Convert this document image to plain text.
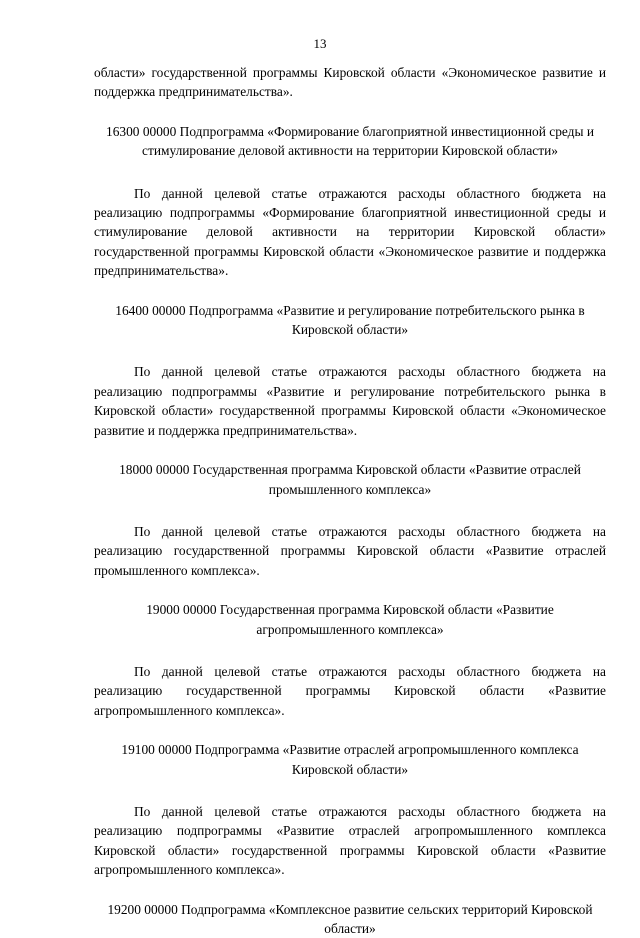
13

области» государственной программы Кировской области «Экономическое развитие и поддержка предпринимательства».

16300 00000 Подпрограмма «Формирование благоприятной инвестиционной среды и стимулирование деловой активности на территории Кировской области»

По данной целевой статье отражаются расходы областного бюджета на реализацию подпрограммы «Формирование благоприятной инвестиционной среды и стимулирование деловой активности на территории Кировской области» государственной программы Кировской области «Экономическое развитие и поддержка предпринимательства».

16400 00000 Подпрограмма «Развитие и регулирование потребительского рынка в Кировской области»

По данной целевой статье отражаются расходы областного бюджета на реализацию подпрограммы «Развитие и регулирование потребительского рынка в Кировской области» государственной программы Кировской области «Экономическое развитие и поддержка предпринимательства».

18000 00000 Государственная программа Кировской области «Развитие отраслей промышленного комплекса»

По данной целевой статье отражаются расходы областного бюджета на реализацию государственной программы Кировской области «Развитие отраслей промышленного комплекса».

19000 00000 Государственная программа Кировской области «Развитие агропромышленного комплекса»

По данной целевой статье отражаются расходы областного бюджета на реализацию государственной программы Кировской области «Развитие агропромышленного комплекса».

19100 00000 Подпрограмма «Развитие отраслей агропромышленного комплекса Кировской области»

По данной целевой статье отражаются расходы областного бюджета на реализацию подпрограммы «Развитие отраслей агропромышленного комплекса Кировской области» государственной программы Кировской области «Развитие агропромышленного комплекса».

19200 00000 Подпрограмма «Комплексное развитие сельских территорий Кировской области»
